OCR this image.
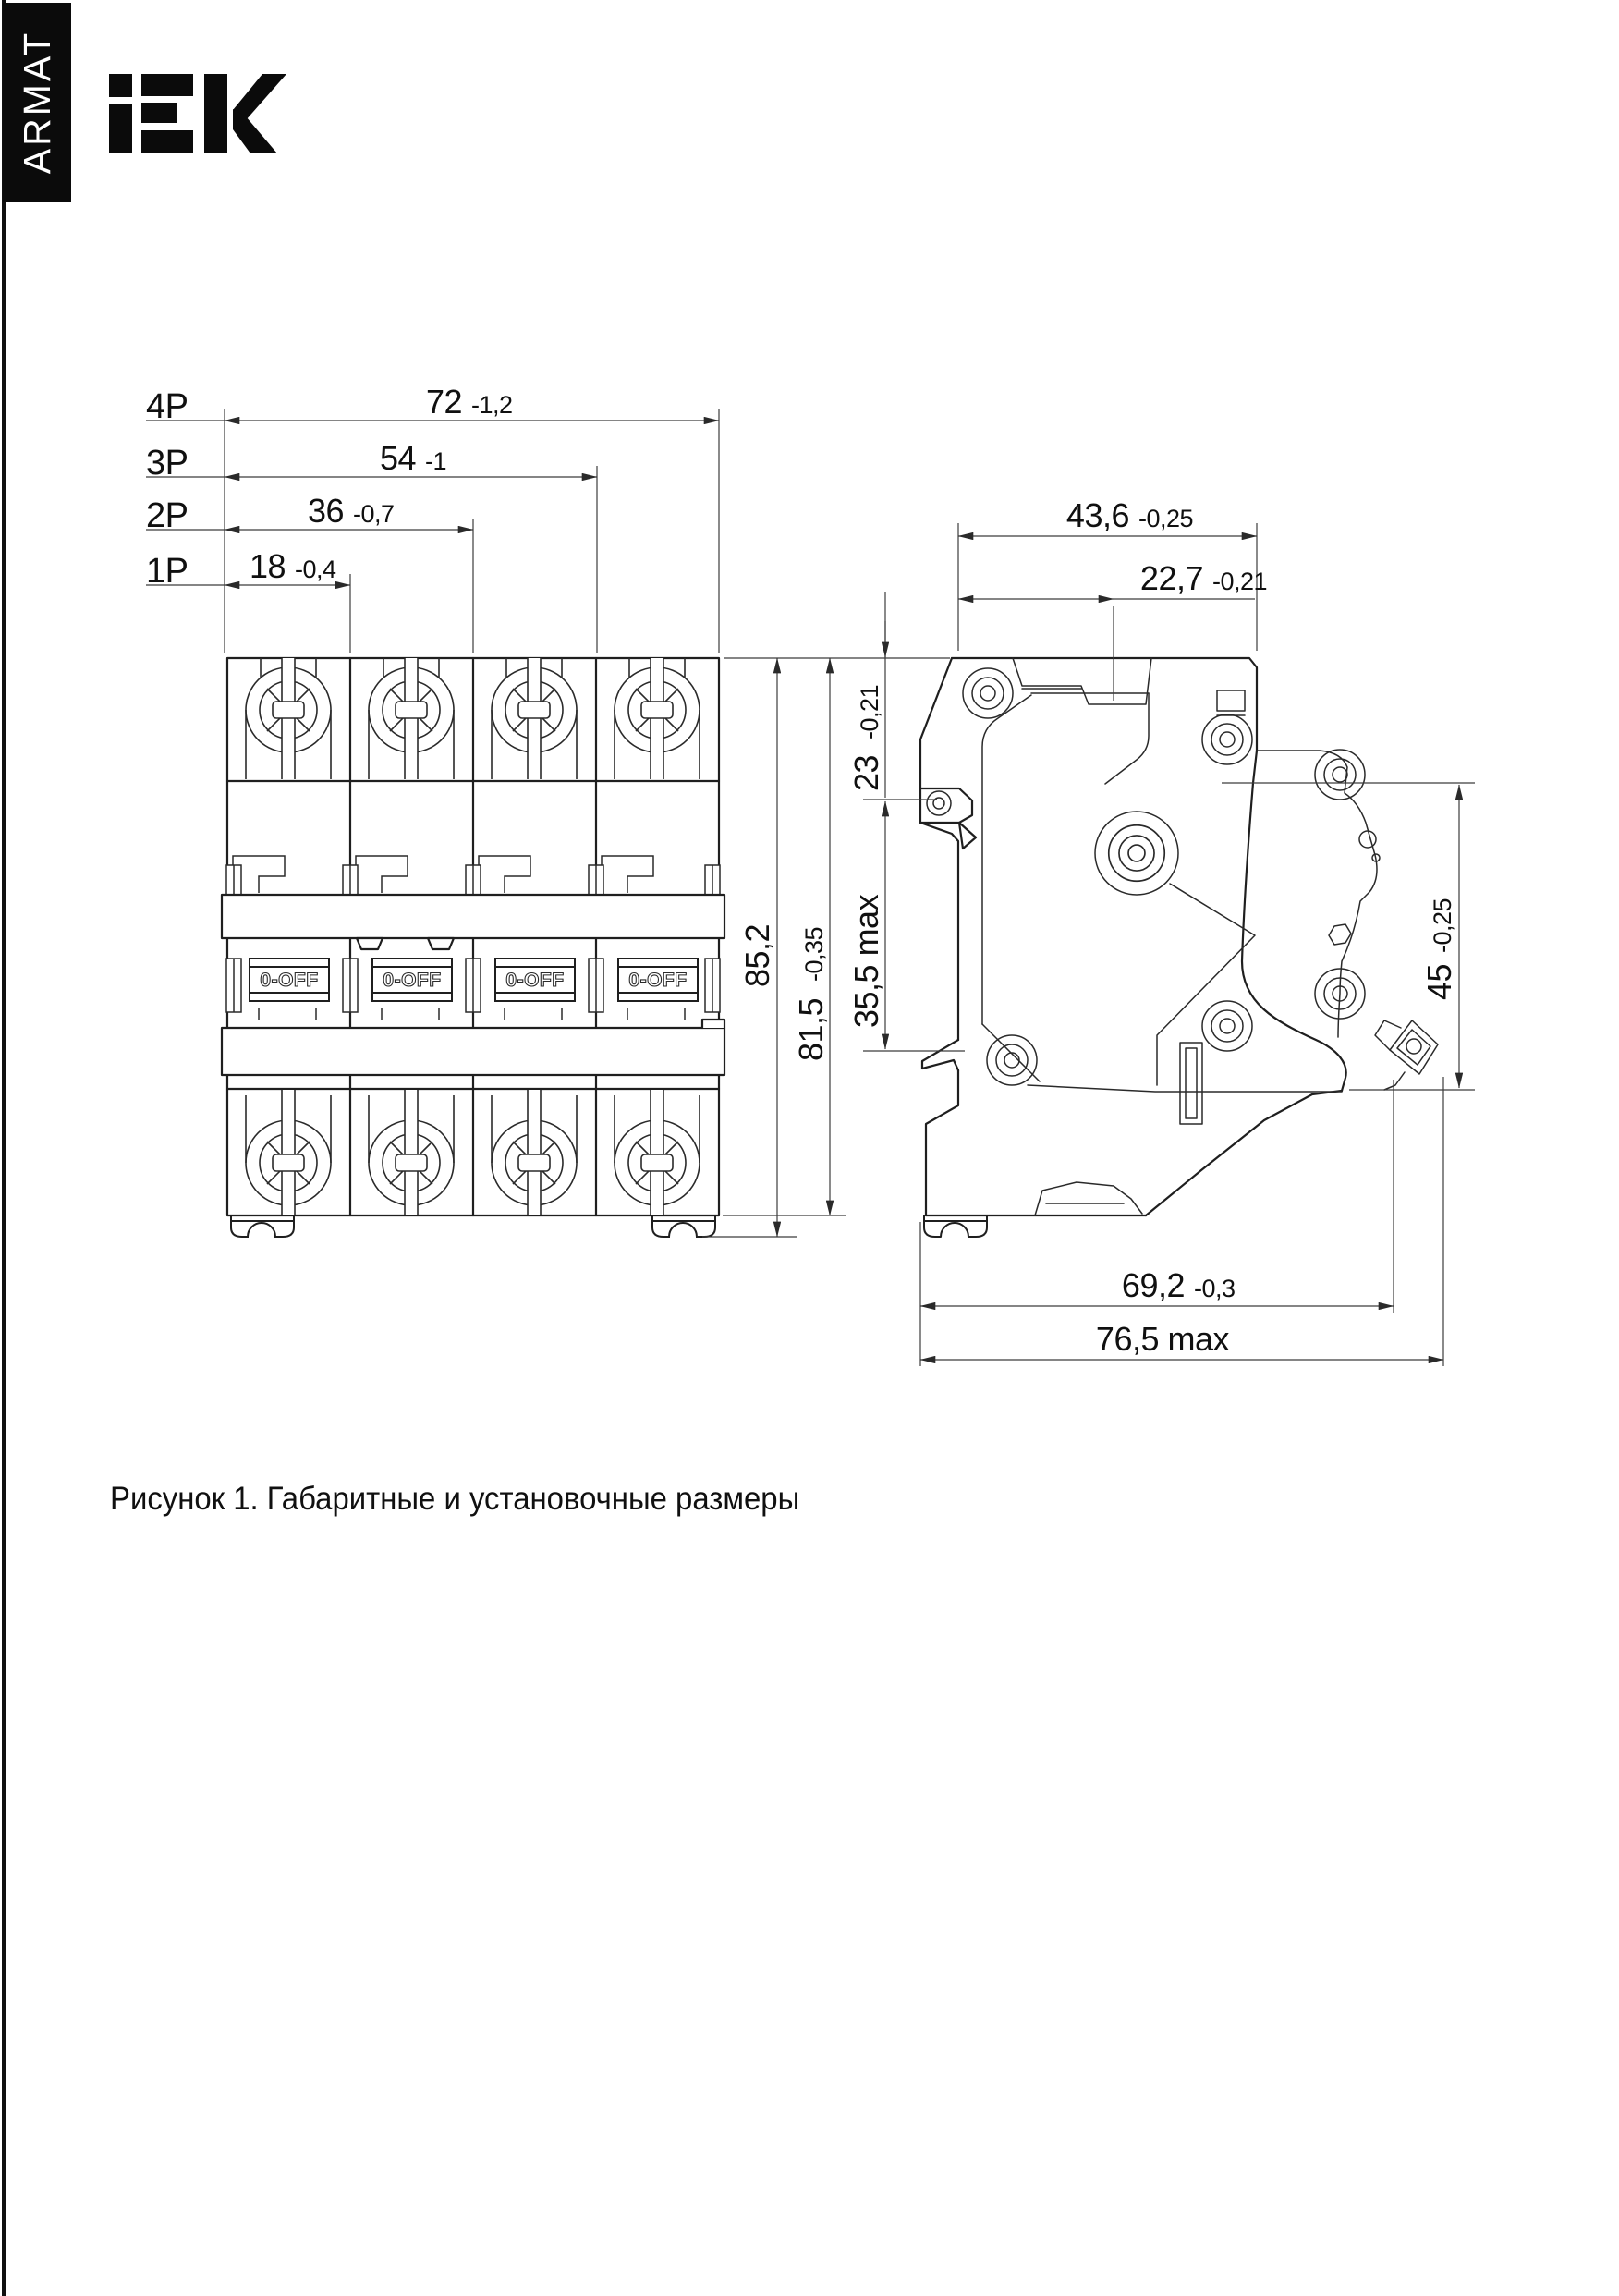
ARMAT
0-OFF	0-OFF	0-OFF	0-OFF
4P	72 -1,2
3P	54 -1
2P	36 -0,7
1P 18 -0,4
85,2
81,5
-0,35
23
-0,21
35,5 max
43,6 -0,25
22,7 -0,21
45
-0,25
69,2 -0,3
76,5 max
Рисунок 1. Габаритные и установочные размеры
